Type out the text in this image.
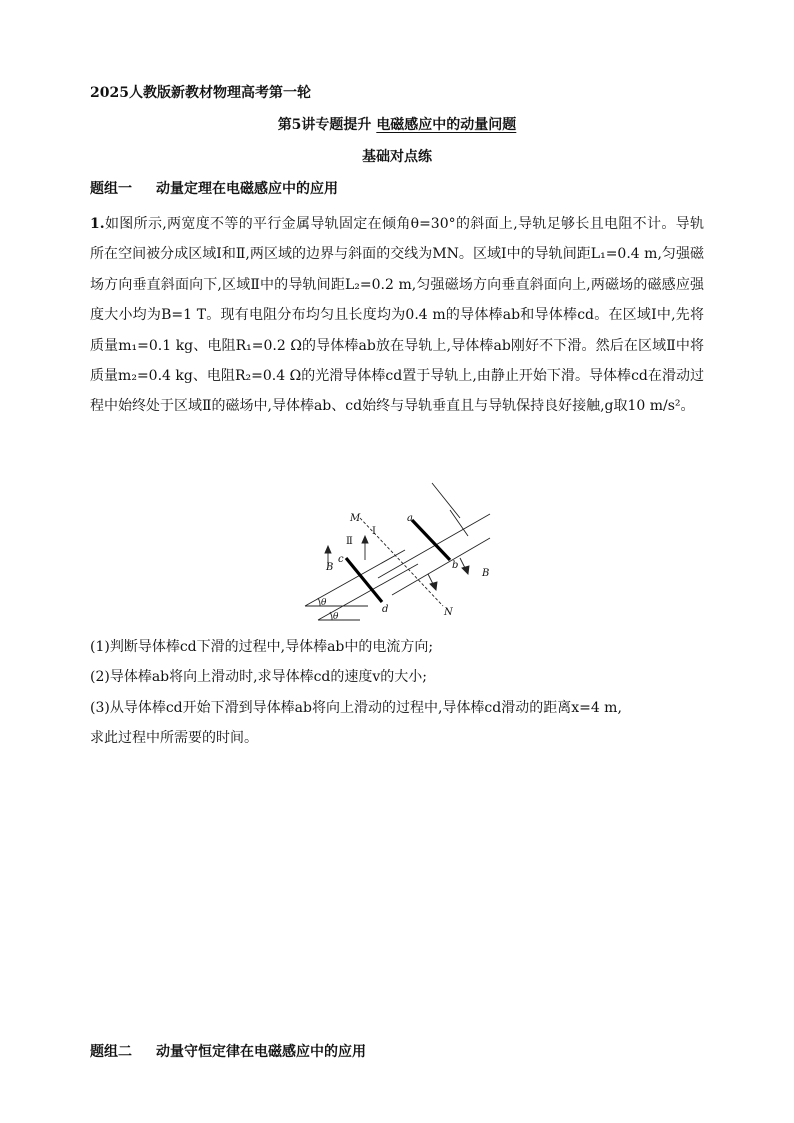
2025人教版新教材物理高考第一轮
第5讲专题提升 电磁感应中的动量问题
基础对点练
题组一 动量定理在电磁感应中的应用
1.如图所示,两宽度不等的平行金属导轨固定在倾角θ=30°的斜面上,导轨足够长且电阻不计。导轨所在空间被分成区域Ⅰ和Ⅱ,两区域的边界与斜面的交线为MN。区域Ⅰ中的导轨间距L₁=0.4 m,匀强磁场方向垂直斜面向下,区域Ⅱ中的导轨间距L₂=0.2 m,匀强磁场方向垂直斜面向上,两磁场的磁感应强度大小均为B=1 T。现有电阻分布均匀且长度均为0.4 m的导体棒ab和导体棒cd。在区域Ⅰ中,先将质量m₁=0.1 kg、电阻R₁=0.2 Ω的导体棒ab放在导轨上,导体棒ab刚好不下滑。然后在区域Ⅱ中将质量m₂=0.4 kg、电阻R₂=0.4 Ω的光滑导体棒cd置于导轨上,由静止开始下滑。导体棒cd在滑动过程中始终处于区域Ⅱ的磁场中,导体棒ab、cd始终与导轨垂直且与导轨保持良好接触,g取10 m/s²。
M
N
a
b
c
d
B
B
θ
θ
Ⅰ
Ⅱ

(1)判断导体棒cd下滑的过程中,导体棒ab中的电流方向;

(2)导体棒ab将向上滑动时,求导体棒cd的速度v的大小;

(3)从导体棒cd开始下滑到导体棒ab将向上滑动的过程中,导体棒cd滑动的距离x=4 m,

求此过程中所需要的时间。

题组二 动量守恒定律在电磁感应中的应用
